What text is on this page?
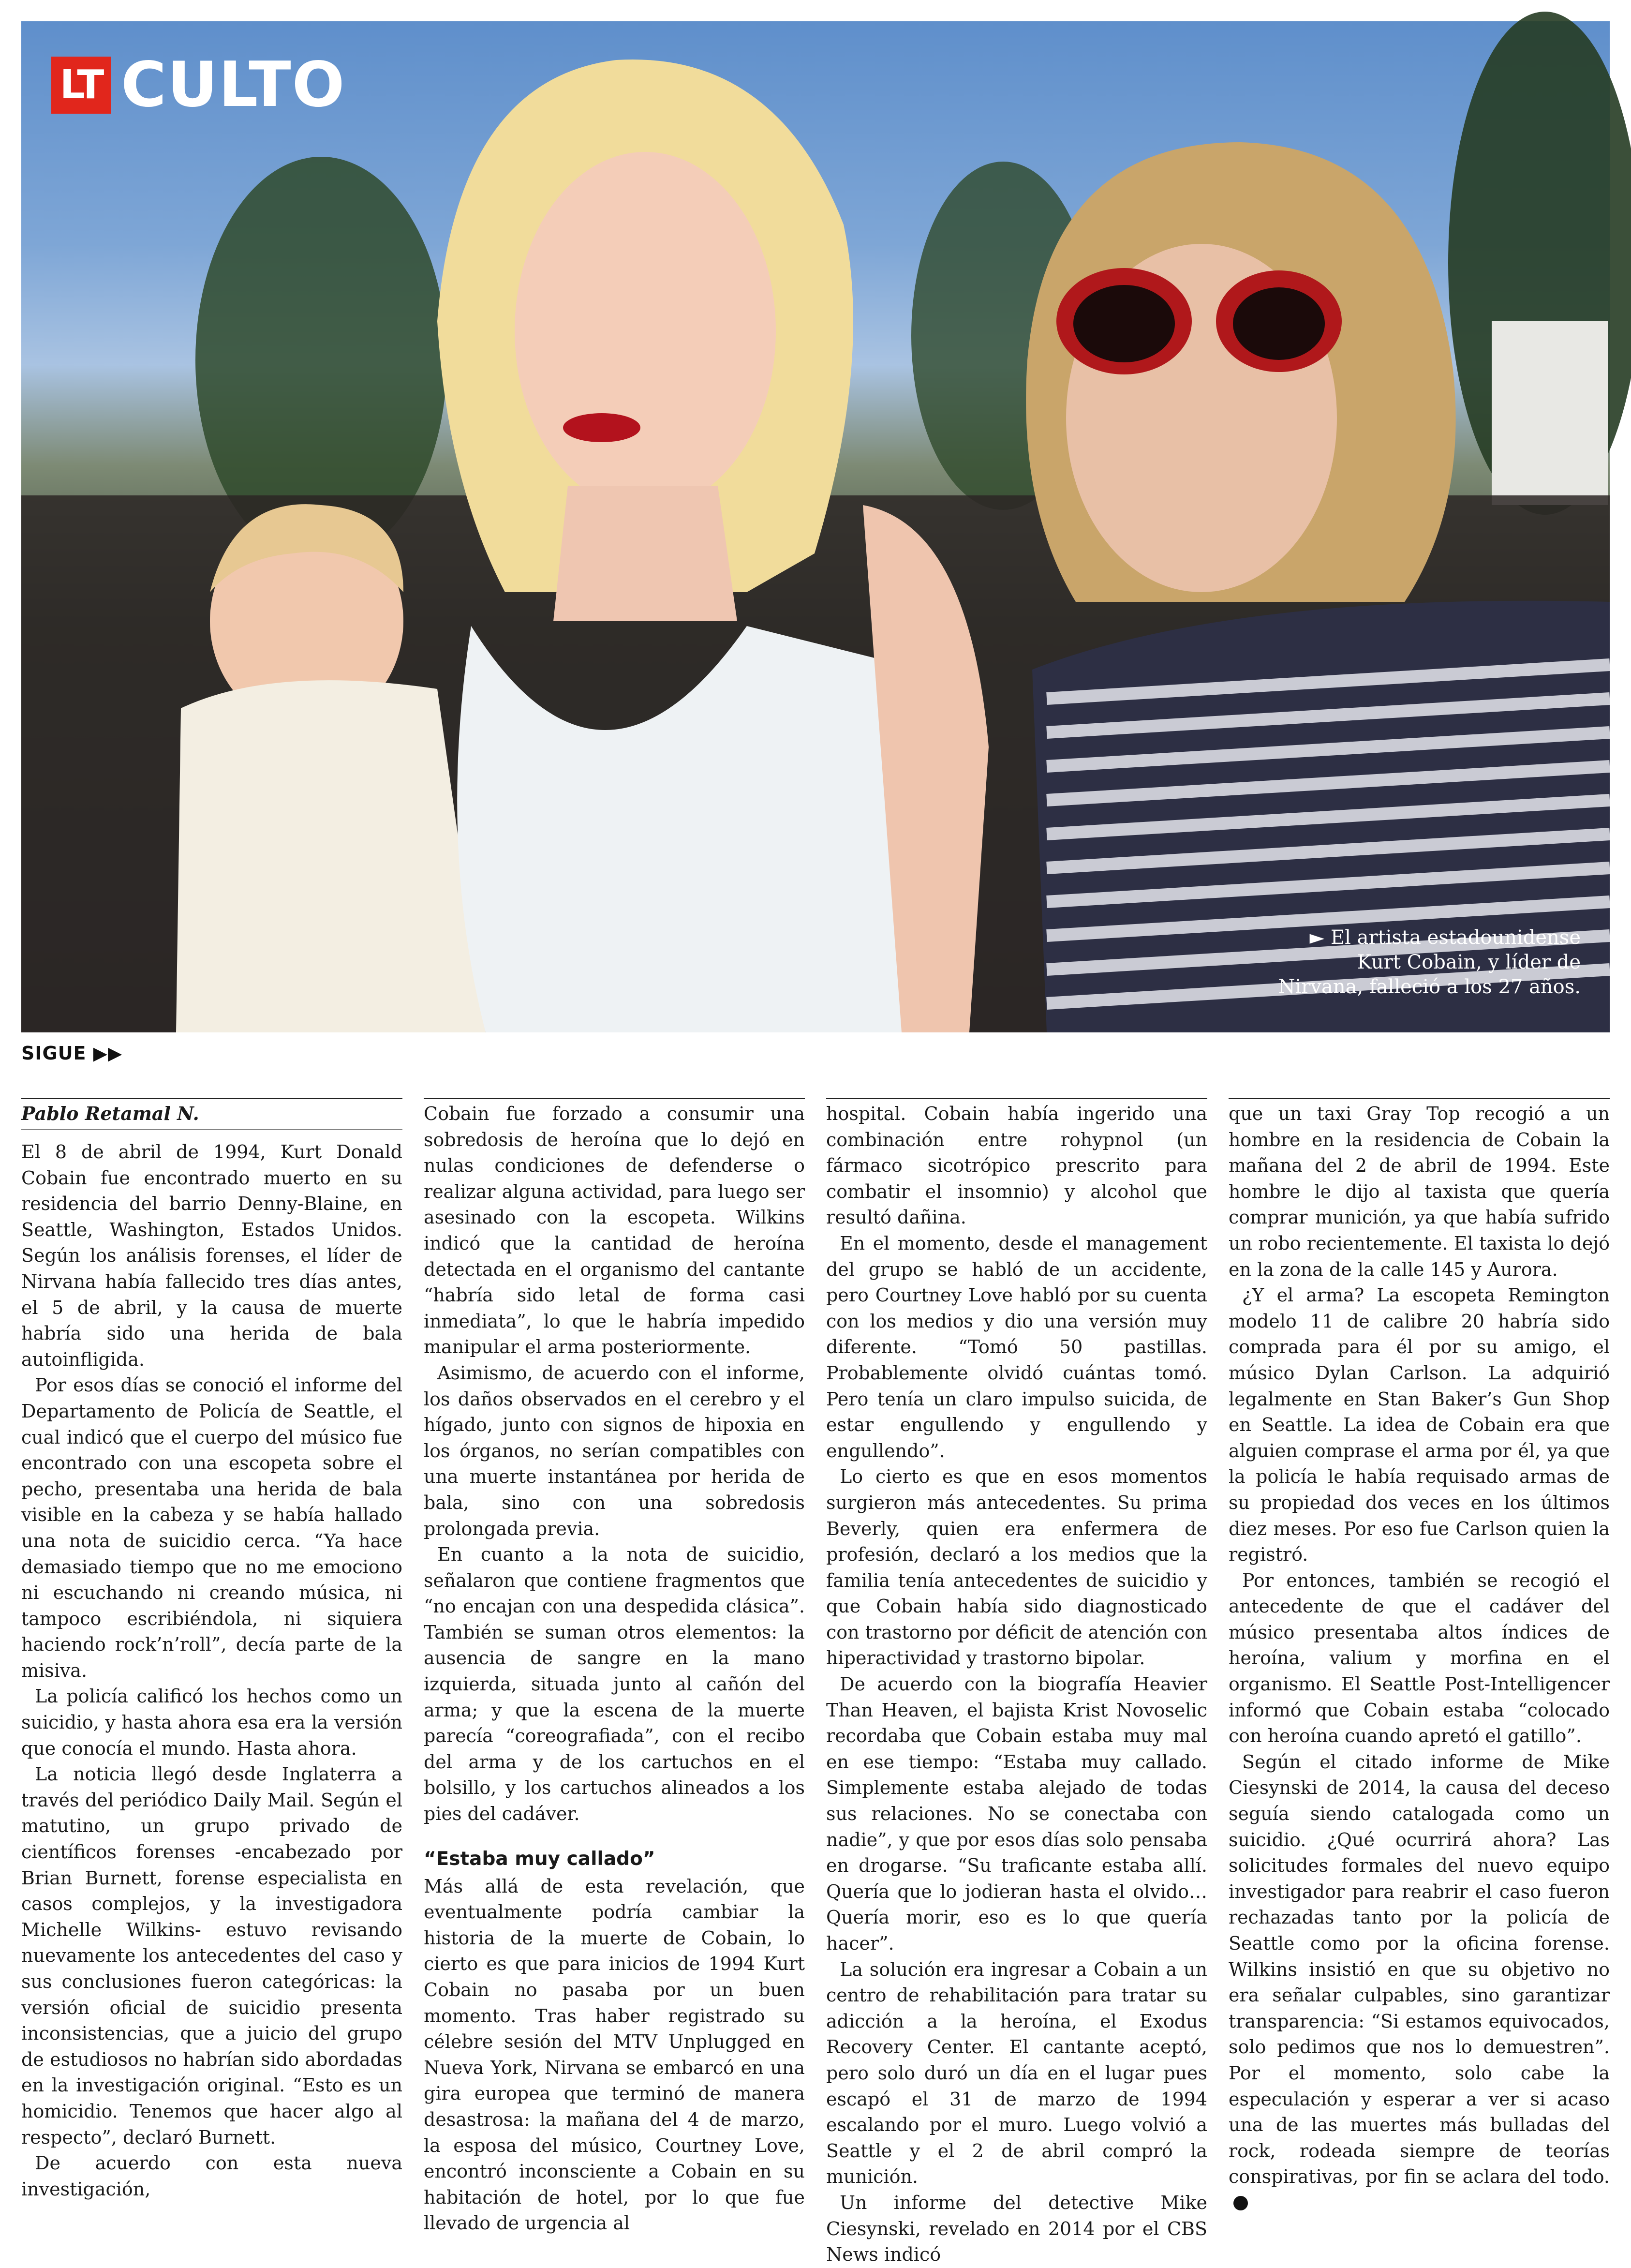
LT CULTO
► El artista estadounidense Kurt Cobain, y líder de Nirvana, falleció a los 27 años.
SIGUE ▶▶
Pablo Retamal N.

El 8 de abril de 1994, Kurt Donald Cobain fue encontrado muerto en su residencia del barrio Denny-Blaine, en Seattle, Washington, Estados Unidos. Según los análisis forenses, el líder de Nirvana había fallecido tres días antes, el 5 de abril, y la causa de muerte habría sido una herida de bala autoinfligida.

Por esos días se conoció el informe del Departamento de Policía de Seattle, el cual indicó que el cuerpo del músico fue encontrado con una escopeta sobre el pecho, presentaba una herida de bala visible en la cabeza y se había hallado una nota de suicidio cerca. “Ya hace demasiado tiempo que no me emociono ni escuchando ni creando música, ni tampoco escribiéndola, ni siquiera haciendo rock’n’roll”, decía parte de la misiva.

La policía calificó los hechos como un suicidio, y hasta ahora esa era la versión que conocía el mundo. Hasta ahora.

La noticia llegó desde Inglaterra a través del periódico Daily Mail. Según el matutino, un grupo privado de científicos forenses -encabezado por Brian Burnett, forense especialista en casos complejos, y la investigadora Michelle Wilkins- estuvo revisando nuevamente los antecedentes del caso y sus conclusiones fueron categóricas: la versión oficial de suicidio presenta inconsistencias, que a juicio del grupo de estudiosos no habrían sido abordadas en la investigación original. “Esto es un homicidio. Tenemos que hacer algo al respecto”, declaró Burnett.

De acuerdo con esta nueva investigación,

Cobain fue forzado a consumir una sobredosis de heroína que lo dejó en nulas condiciones de defenderse o realizar alguna actividad, para luego ser asesinado con la escopeta. Wilkins indicó que la cantidad de heroína detectada en el organismo del cantante “habría sido letal de forma casi inmediata”, lo que le habría impedido manipular el arma posteriormente.

Asimismo, de acuerdo con el informe, los daños observados en el cerebro y el hígado, junto con signos de hipoxia en los órganos, no serían compatibles con una muerte instantánea por herida de bala, sino con una sobredosis prolongada previa.

En cuanto a la nota de suicidio, señalaron que contiene fragmentos que “no encajan con una despedida clásica”. También se suman otros elementos: la ausencia de sangre en la mano izquierda, situada junto al cañón del arma; y que la escena de la muerte parecía “coreografiada”, con el recibo del arma y de los cartuchos en el bolsillo, y los cartuchos alineados a los pies del cadáver.

“Estaba muy callado”

Más allá de esta revelación, que eventualmente podría cambiar la historia de la muerte de Cobain, lo cierto es que para inicios de 1994 Kurt Cobain no pasaba por un buen momento. Tras haber registrado su célebre sesión del MTV Unplugged en Nueva York, Nirvana se embarcó en una gira europea que terminó de manera desastrosa: la mañana del 4 de marzo, la esposa del músico, Courtney Love, encontró inconsciente a Cobain en su habitación de hotel, por lo que fue llevado de urgencia al

hospital. Cobain había ingerido una combinación entre rohypnol (un fármaco sicotrópico prescrito para combatir el insomnio) y alcohol que resultó dañina.

En el momento, desde el management del grupo se habló de un accidente, pero Courtney Love habló por su cuenta con los medios y dio una versión muy diferente. “Tomó 50 pastillas. Probablemente olvidó cuántas tomó. Pero tenía un claro impulso suicida, de estar engullendo y engullendo y engullendo”.

Lo cierto es que en esos momentos surgieron más antecedentes. Su prima Beverly, quien era enfermera de profesión, declaró a los medios que la familia tenía antecedentes de suicidio y que Cobain había sido diagnosticado con trastorno por déficit de atención con hiperactividad y trastorno bipolar.

De acuerdo con la biografía Heavier Than Heaven, el bajista Krist Novoselic recordaba que Cobain estaba muy mal en ese tiempo: “Estaba muy callado. Simplemente estaba alejado de todas sus relaciones. No se conectaba con nadie”, y que por esos días solo pensaba en drogarse. “Su traficante estaba allí. Quería que lo jodieran hasta el olvido… Quería morir, eso es lo que quería hacer”.

La solución era ingresar a Cobain a un centro de rehabilitación para tratar su adicción a la heroína, el Exodus Recovery Center. El cantante aceptó, pero solo duró un día en el lugar pues escapó el 31 de marzo de 1994 escalando por el muro. Luego volvió a Seattle y el 2 de abril compró la munición.

Un informe del detective Mike Ciesynski, revelado en 2014 por el CBS News indicó

que un taxi Gray Top recogió a un hombre en la residencia de Cobain la mañana del 2 de abril de 1994. Este hombre le dijo al taxista que quería comprar munición, ya que había sufrido un robo recientemente. El taxista lo dejó en la zona de la calle 145 y Aurora.

¿Y el arma? La escopeta Remington modelo 11 de calibre 20 habría sido comprada para él por su amigo, el músico Dylan Carlson. La adquirió legalmente en Stan Baker’s Gun Shop en Seattle. La idea de Cobain era que alguien comprase el arma por él, ya que la policía le había requisado armas de su propiedad dos veces en los últimos diez meses. Por eso fue Carlson quien la registró.

Por entonces, también se recogió el antecedente de que el cadáver del músico presentaba altos índices de heroína, valium y morfina en el organismo. El Seattle Post-Intelligencer informó que Cobain estaba “colocado con heroína cuando apretó el gatillo”.

Según el citado informe de Mike Ciesynski de 2014, la causa del deceso seguía siendo catalogada como un suicidio. ¿Qué ocurrirá ahora? Las solicitudes formales del nuevo equipo investigador para reabrir el caso fueron rechazadas tanto por la policía de Seattle como por la oficina forense. Wilkins insistió en que su objetivo no era señalar culpables, sino garantizar transparencia: “Si estamos equivocados, solo pedimos que nos lo demuestren”. Por el momento, solo cabe la especulación y esperar a ver si acaso una de las muertes más bulladas del rock, rodeada siempre de teorías conspirativas, por fin se aclara del todo.
